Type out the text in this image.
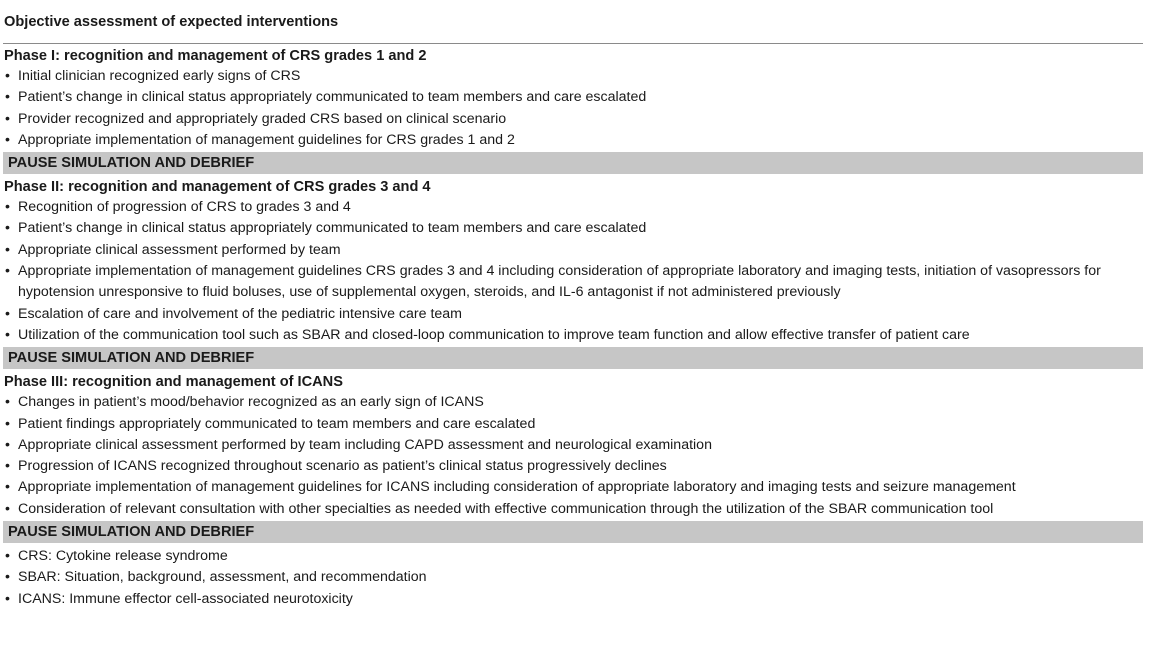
Objective assessment of expected interventions
Phase I: recognition and management of CRS grades 1 and 2
• Initial clinician recognized early signs of CRS
• Patient’s change in clinical status appropriately communicated to team members and care escalated
• Provider recognized and appropriately graded CRS based on clinical scenario
• Appropriate implementation of management guidelines for CRS grades 1 and 2
PAUSE SIMULATION AND DEBRIEF
Phase II: recognition and management of CRS grades 3 and 4
• Recognition of progression of CRS to grades 3 and 4
• Patient’s change in clinical status appropriately communicated to team members and care escalated
• Appropriate clinical assessment performed by team
• Appropriate implementation of management guidelines CRS grades 3 and 4 including consideration of appropriate laboratory and imaging tests, initiation of vasopressors for hypotension unresponsive to fluid boluses, use of supplemental oxygen, steroids, and IL-6 antagonist if not administered previously
• Escalation of care and involvement of the pediatric intensive care team
• Utilization of the communication tool such as SBAR and closed-loop communication to improve team function and allow effective transfer of patient care
PAUSE SIMULATION AND DEBRIEF
Phase III: recognition and management of ICANS
• Changes in patient’s mood/behavior recognized as an early sign of ICANS
• Patient findings appropriately communicated to team members and care escalated
• Appropriate clinical assessment performed by team including CAPD assessment and neurological examination
• Progression of ICANS recognized throughout scenario as patient’s clinical status progressively declines
• Appropriate implementation of management guidelines for ICANS including consideration of appropriate laboratory and imaging tests and seizure management
• Consideration of relevant consultation with other specialties as needed with effective communication through the utilization of the SBAR communication tool
PAUSE SIMULATION AND DEBRIEF
• CRS: Cytokine release syndrome
• SBAR: Situation, background, assessment, and recommendation
• ICANS: Immune effector cell-associated neurotoxicity
